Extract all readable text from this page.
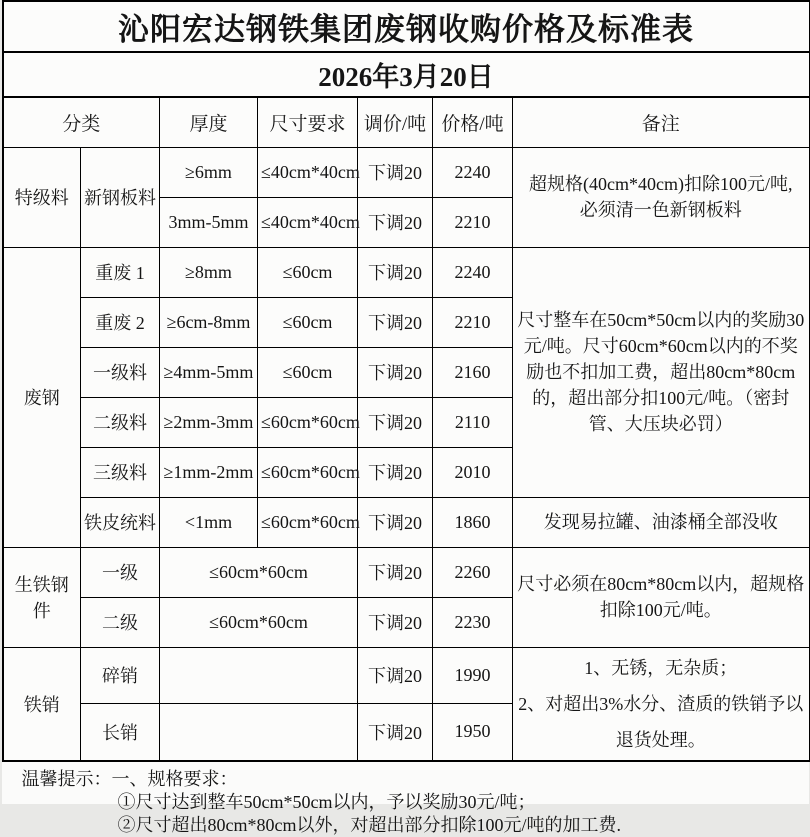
沁阳宏达钢铁集团废钢收购价格及标准表						
2026年3月20日						
分类		厚度	尺寸要求	调价/吨	价格/吨	备注
特级料	新钢板料	≥6mm	≤40cm*40cm	下调20	2240	超规格(40cm*40cm)扣除100元/吨,
必须清一色新钢板料
		3mm-5mm	≤40cm*40cm	下调20	2210	
废钢	重废 1	≥8mm	≤60cm	下调20	2240	尺寸整车在50cm*50cm以内的奖励30元/吨。尺寸60cm*60cm以内的不奖励也不扣加工费，超出80cm*80cm的，超出部分扣100元/吨。（密封管、大压块必罚）
	重废 2	≥6cm-8mm	≤60cm	下调20	2210	
	一级料	≥4mm-5mm	≤60cm	下调20	2160	
	二级料	≥2mm-3mm	≤60cm*60cm	下调20	2110	
	三级料	≥1mm-2mm	≤60cm*60cm	下调20	2010	
	铁皮统料	<1mm	≤60cm*60cm	下调20	1860	发现易拉罐、油漆桶全部没收
生铁钢件	一级	≤60cm*60cm		下调20	2260	尺寸必须在80cm*80cm以内，超规格扣除100元/吨。
	二级	≤60cm*60cm		下调20	2230	
铁销	碎销			下调20	1990	1、无锈，无杂质；
2、对超出3%水分、渣质的铁销予以
退货处理。
	长销			下调20	1950	
温馨提示：一、规格要求：
①尺寸达到整车50cm*50cm以内，予以奖励30元/吨；
②尺寸超出80cm*80cm以外，对超出部分扣除100元/吨的加工费.
